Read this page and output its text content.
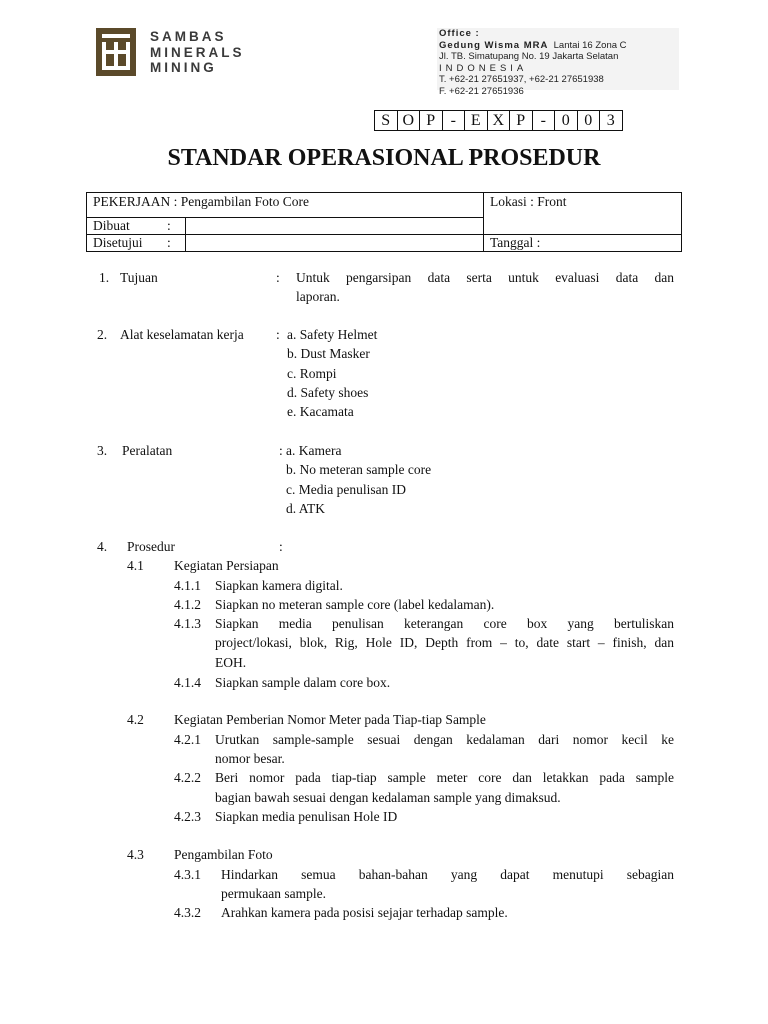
SAMBAS
MINERALS
MINING
Office :
Gedung Wisma MRA Lantai 16 Zona C
Jl. TB. Simatupang No. 19 Jakarta Selatan
INDONESIA
T. +62-21 27651937, +62-21 27651938
F. +62-21 27651936
S O P - E X P - 0 0 3
STANDAR OPERASIONAL PROSEDUR
PEKERJAAN : Pengambilan Foto Core	Lokasi : Front
Dibuat	:
Disetujui :	Tanggal :
1. Tujuan	: Untuk pengarsipan data serta untuk evaluasi data dan
laporan.
2. Alat keselamatan kerja : a. Safety Helmet
b. Dust Masker
c. Rompi
d. Safety shoes
e. Kacamata
3. Peralatan	: a. Kamera
b. No meteran sample core
c. Media penulisan ID
d. ATK
4. Prosedur	:
4.1 Kegiatan Persiapan
4.1.1 Siapkan kamera digital.
4.1.2 Siapkan no meteran sample core (label kedalaman).
4.1.3 Siapkan media penulisan keterangan core box yang bertuliskan
project/lokasi, blok, Rig, Hole ID, Depth from – to, date start – finish, dan
EOH.
4.1.4 Siapkan sample dalam core box.
4.2 Kegiatan Pemberian Nomor Meter pada Tiap-tiap Sample
4.2.1 Urutkan sample-sample sesuai dengan kedalaman dari nomor kecil ke
nomor besar.
4.2.2 Beri nomor pada tiap-tiap sample meter core dan letakkan pada sample
bagian bawah sesuai dengan kedalaman sample yang dimaksud.
4.2.3 Siapkan media penulisan Hole ID
4.3 Pengambilan Foto
4.3.1 Hindarkan semua bahan-bahan yang dapat menutupi sebagian
permukaan sample.
4.3.2 Arahkan kamera pada posisi sejajar terhadap sample.
